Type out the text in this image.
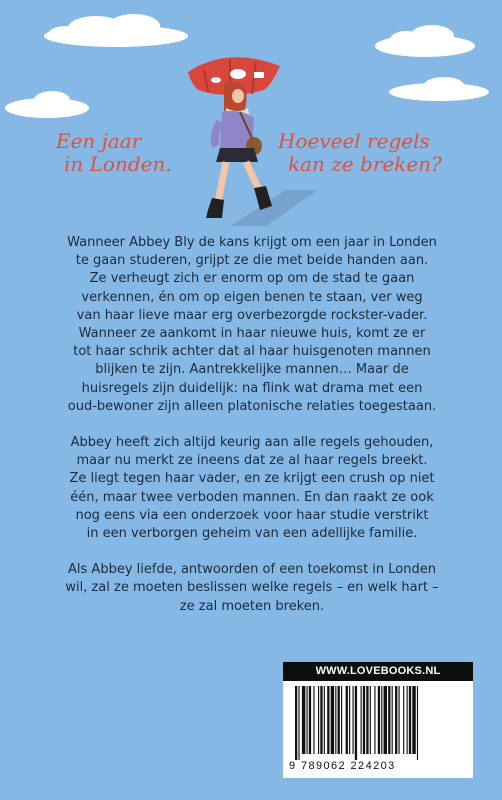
Een jaar
in Londen.
Hoeveel regels
kan ze breken?

Wanneer Abbey Bly de kans krijgt om een jaar in Londen

te gaan studeren, grijpt ze die met beide handen aan.

Ze verheugt zich er enorm op om de stad te gaan

verkennen, én om op eigen benen te staan, ver weg

van haar lieve maar erg overbezorgde rockster-vader.

Wanneer ze aankomt in haar nieuwe huis, komt ze er

tot haar schrik achter dat al haar huisgenoten mannen

blijken te zijn. Aantrekkelijke mannen… Maar de

huisregels zijn duidelijk: na flink wat drama met een

oud-bewoner zijn alleen platonische relaties toegestaan.

Abbey heeft zich altijd keurig aan alle regels gehouden,

maar nu merkt ze ineens dat ze al haar regels breekt.

Ze liegt tegen haar vader, en ze krijgt een crush op niet

één, maar twee verboden mannen. En dan raakt ze ook

nog eens via een onderzoek voor haar studie verstrikt

in een verborgen geheim van een adellijke familie.

Als Abbey liefde, antwoorden of een toekomst in Londen

wil, zal ze moeten beslissen welke regels – en welk hart –

ze zal moeten breken.

WWW.LOVEBOOKS.NL
9 789062 224203
